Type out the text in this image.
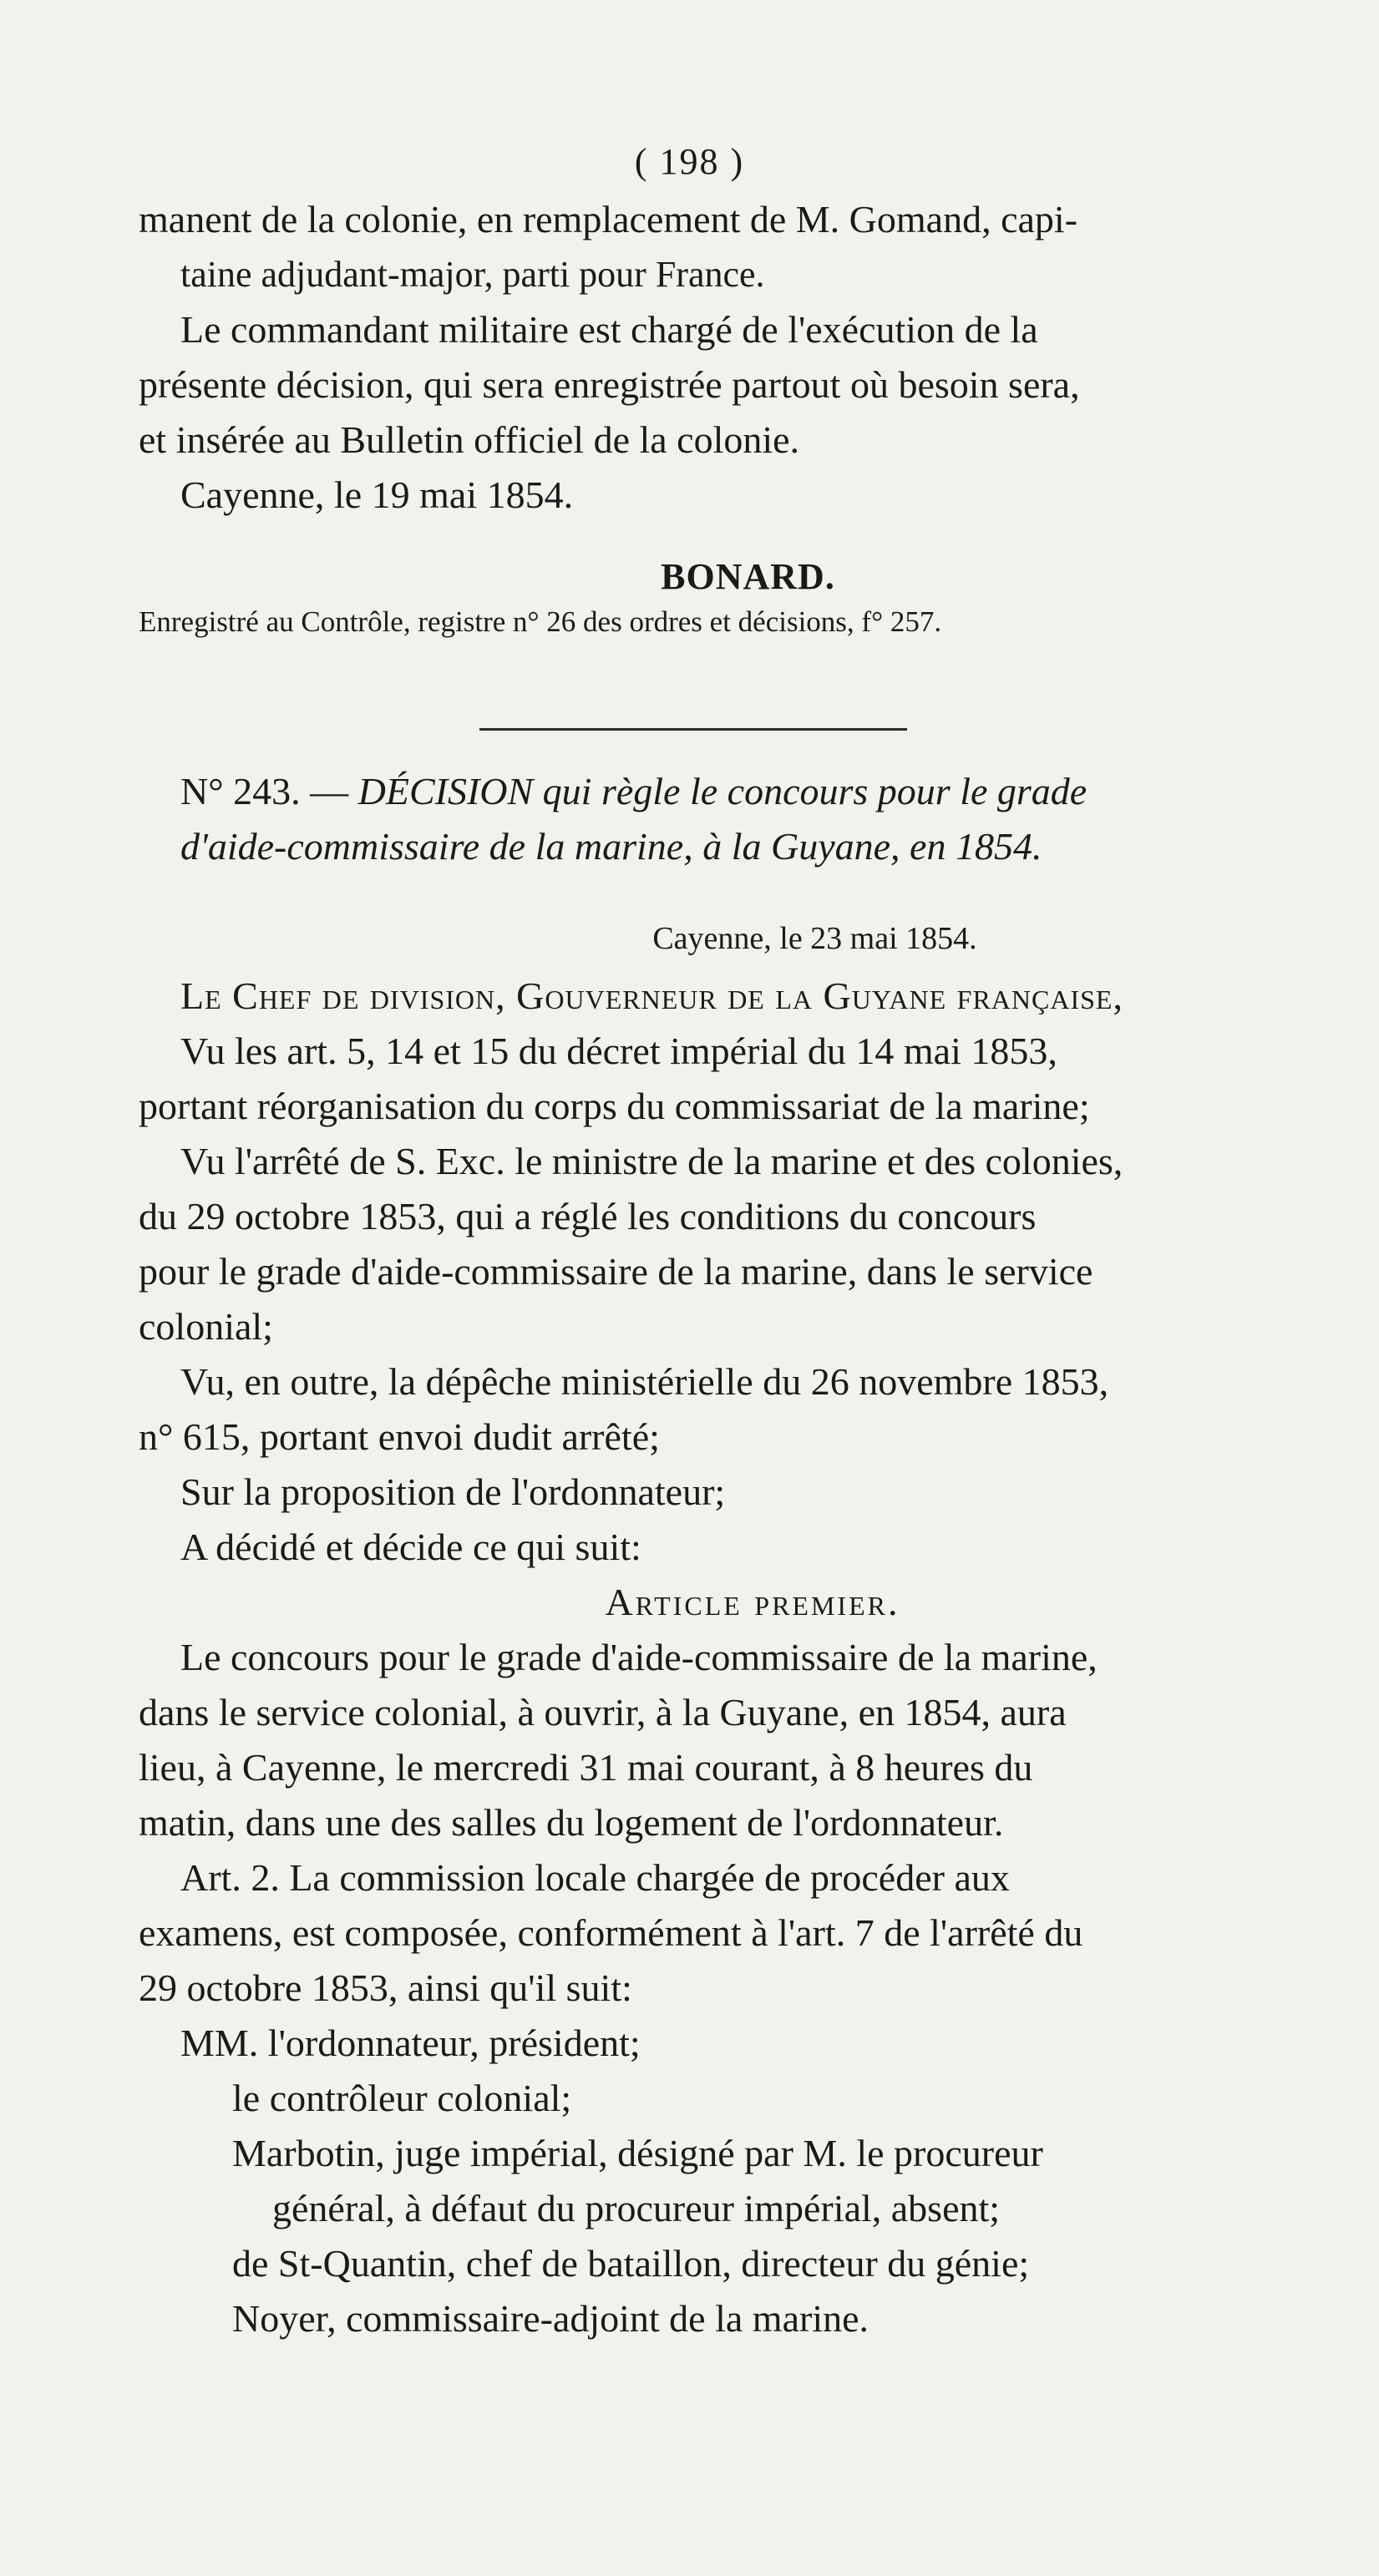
( 198 )
manent de la colonie, en remplacement de M. Gomand, capi-
taine adjudant-major, parti pour France.
Le commandant militaire est chargé de l'exécution de la
présente décision, qui sera enregistrée partout où besoin sera,
et insérée au Bulletin officiel de la colonie.
Cayenne, le 19 mai 1854.
BONARD.
Enregistré au Contrôle, registre n° 26 des ordres et décisions, f° 257.
N° 243. — DÉCISION qui règle le concours pour le grade
d'aide-commissaire de la marine, à la Guyane, en 1854.
Cayenne, le 23 mai 1854.
Le Chef de division, Gouverneur de la Guyane française,
Vu les art. 5, 14 et 15 du décret impérial du 14 mai 1853,
portant réorganisation du corps du commissariat de la marine;
Vu l'arrêté de S. Exc. le ministre de la marine et des colonies,
du 29 octobre 1853, qui a réglé les conditions du concours
pour le grade d'aide-commissaire de la marine, dans le service
colonial;
Vu, en outre, la dépêche ministérielle du 26 novembre 1853,
n° 615, portant envoi dudit arrêté;
Sur la proposition de l'ordonnateur;
A décidé et décide ce qui suit:
Article premier.
Le concours pour le grade d'aide-commissaire de la marine,
dans le service colonial, à ouvrir, à la Guyane, en 1854, aura
lieu, à Cayenne, le mercredi 31 mai courant, à 8 heures du
matin, dans une des salles du logement de l'ordonnateur.
Art. 2. La commission locale chargée de procéder aux
examens, est composée, conformément à l'art. 7 de l'arrêté du
29 octobre 1853, ainsi qu'il suit:
MM. l'ordonnateur, président;
le contrôleur colonial;
Marbotin, juge impérial, désigné par M. le procureur
général, à défaut du procureur impérial, absent;
de St-Quantin, chef de bataillon, directeur du génie;
Noyer, commissaire-adjoint de la marine.
